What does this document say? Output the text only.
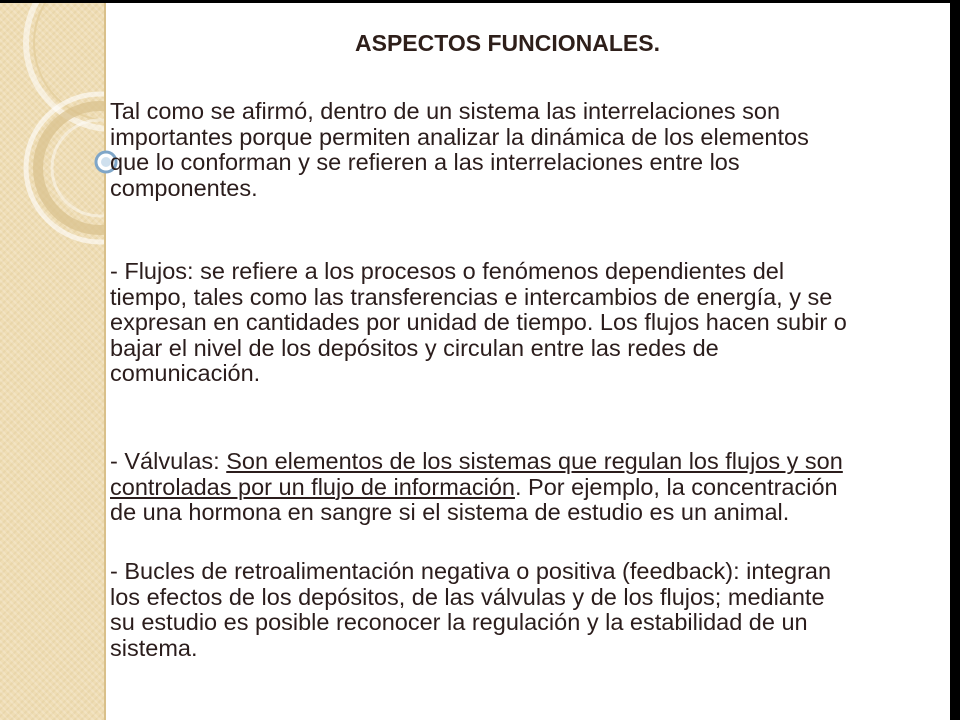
ASPECTOS FUNCIONALES.

Tal como se afirmó, dentro de un sistema las interrelaciones son
importantes porque permiten analizar la dinámica de los elementos
que lo conforman y se refieren a las interrelaciones entre los
componentes.

- Flujos: se refiere a los procesos o fenómenos dependientes del
tiempo, tales como las transferencias e intercambios de energía, y se
expresan en cantidades por unidad de tiempo. Los flujos hacen subir o
bajar el nivel de los depósitos y circulan entre las redes de
comunicación.

- Válvulas: Son elementos de los sistemas que regulan los flujos y son
controladas por un flujo de información. Por ejemplo, la concentración
de una hormona en sangre si el sistema de estudio es un animal.

- Bucles de retroalimentación negativa o positiva (feedback): integran
los efectos de los depósitos, de las válvulas y de los flujos; mediante
su estudio es posible reconocer la regulación y la estabilidad de un
sistema.
